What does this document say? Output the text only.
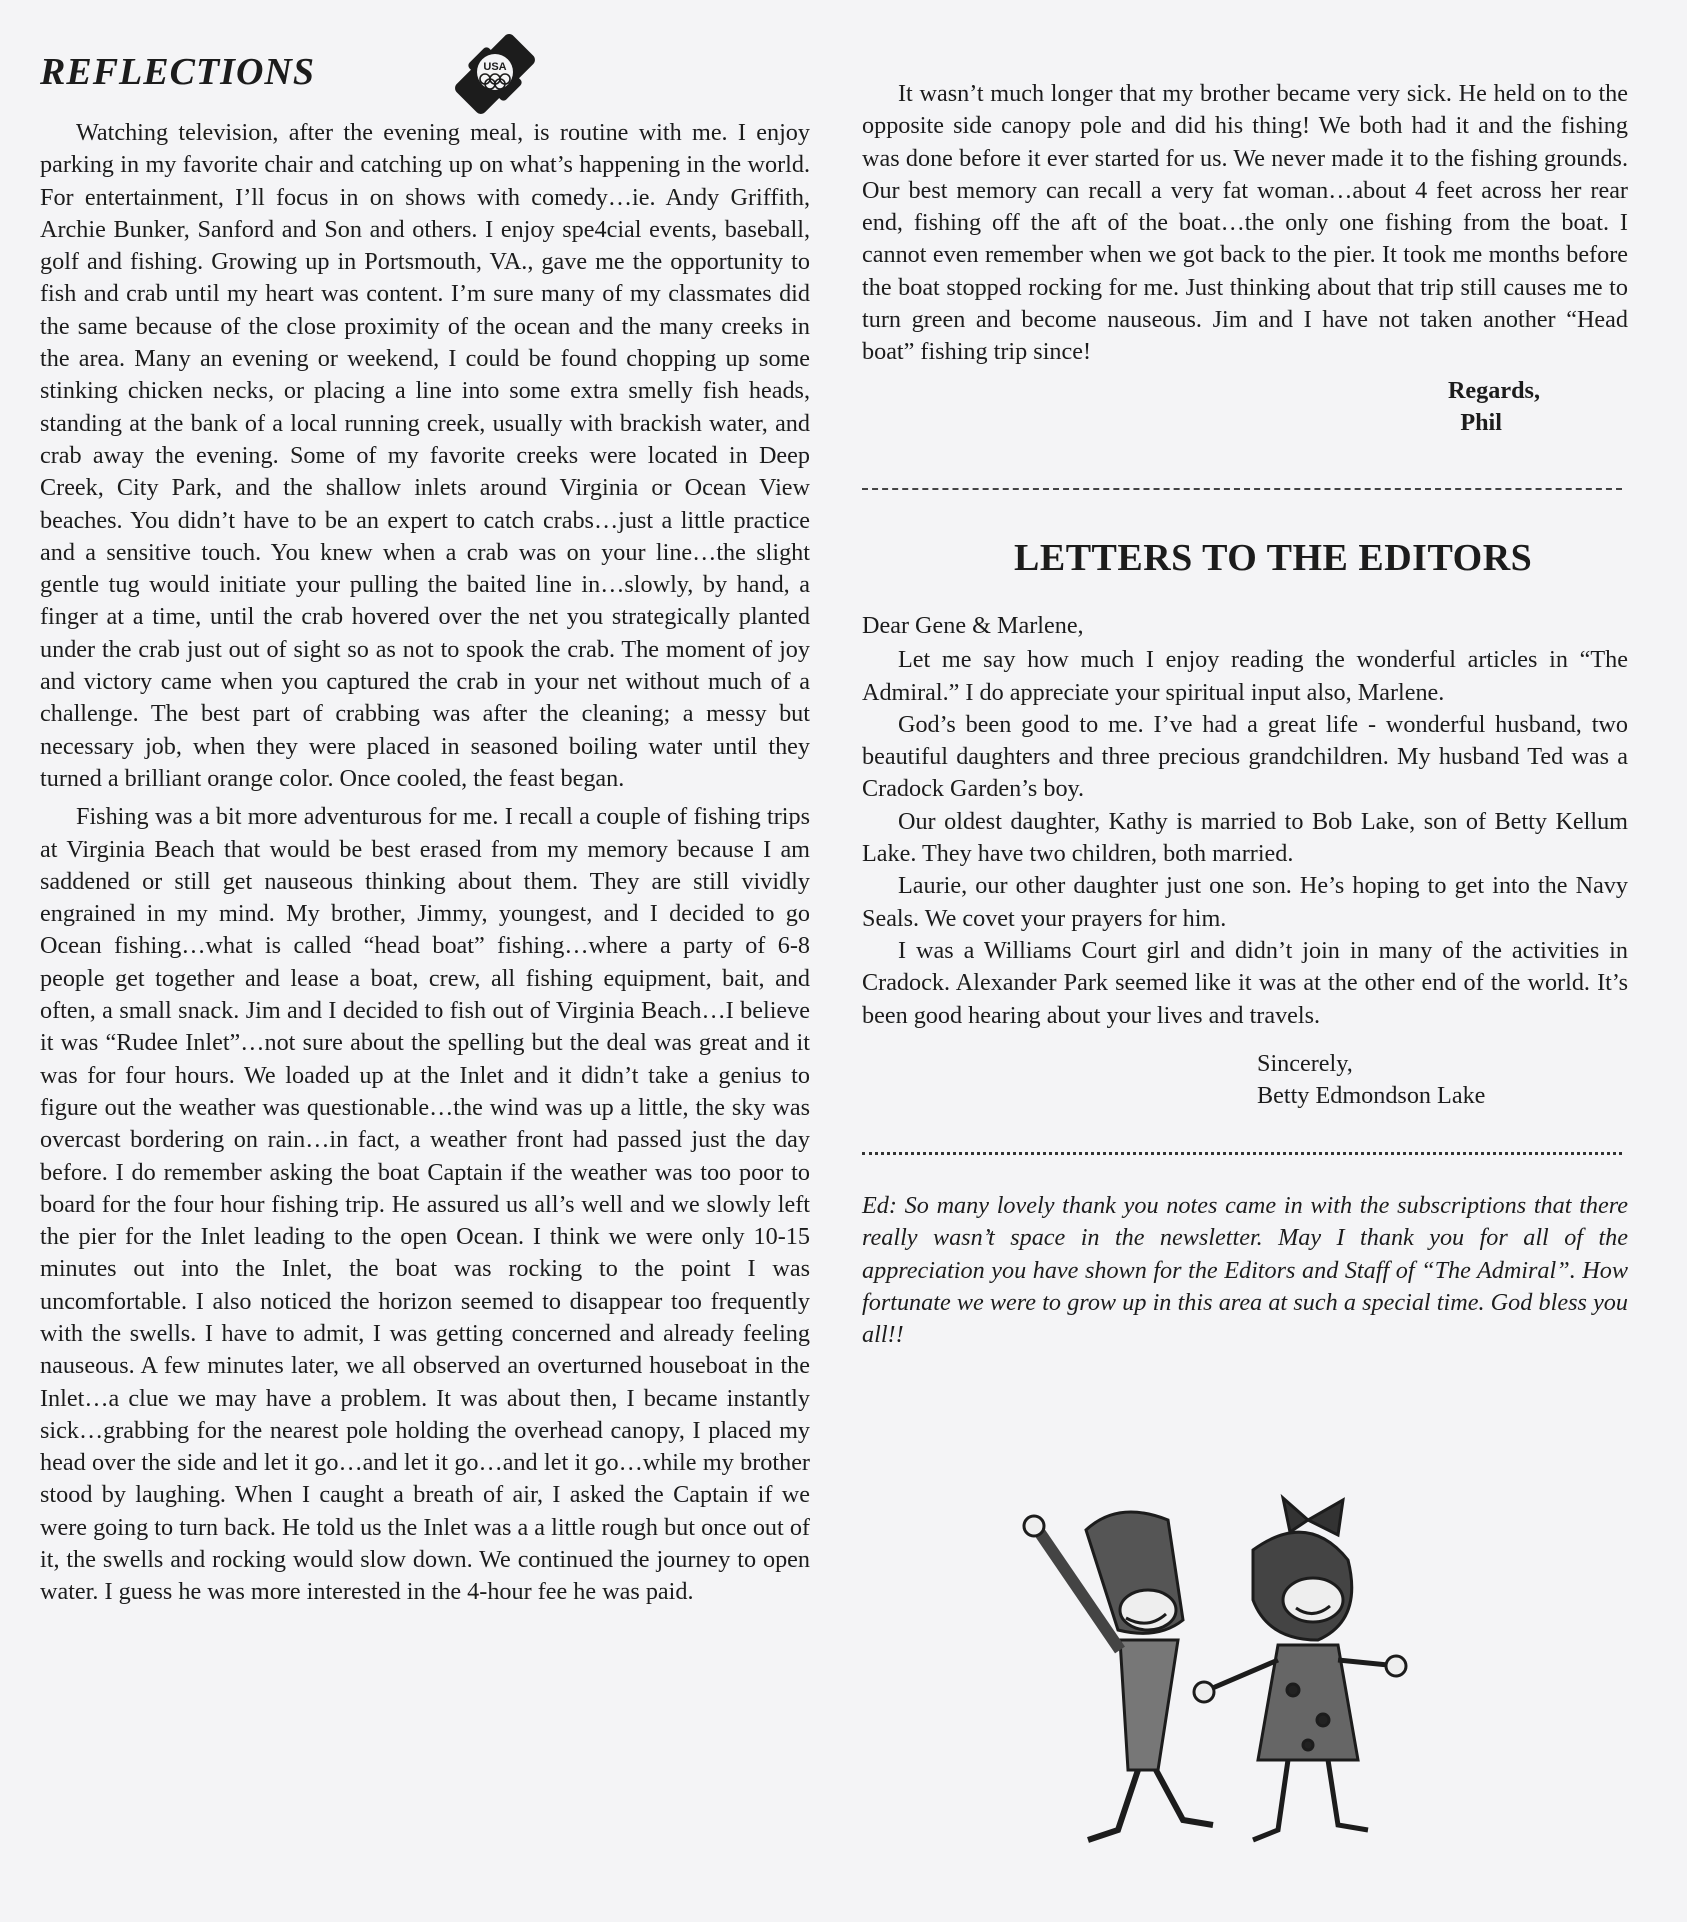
REFLECTIONS	USA

Watching television, after the evening meal, is routine with me. I enjoy parking in my favorite chair and catching up on what’s happening in the world. For entertainment, I’ll focus in on shows with comedy…ie. Andy Griffith, Archie Bunker, Sanford and Son and others. I enjoy spe4cial events, baseball, golf and fishing. Growing up in Portsmouth, VA., gave me the opportunity to fish and crab until my heart was content. I’m sure many of my classmates did the same because of the close proximity of the ocean and the many creeks in the area. Many an evening or weekend, I could be found chopping up some stinking chicken necks, or placing a line into some extra smelly fish heads, standing at the bank of a local running creek, usually with brackish water, and crab away the evening. Some of my favorite creeks were located in Deep Creek, City Park, and the shallow inlets around Virginia or Ocean View beaches. You didn’t have to be an expert to catch crabs…just a little practice and a sensitive touch. You knew when a crab was on your line…the slight gentle tug would initiate your pulling the baited line in…slowly, by hand, a finger at a time, until the crab hovered over the net you strategically planted under the crab just out of sight so as not to spook the crab. The moment of joy and victory came when you captured the crab in your net without much of a challenge. The best part of crabbing was after the cleaning; a messy but necessary job, when they were placed in seasoned boiling water until they turned a brilliant orange color. Once cooled, the feast began.

Fishing was a bit more adventurous for me. I recall a couple of fishing trips at Virginia Beach that would be best erased from my memory because I am saddened or still get nauseous thinking about them. They are still vividly engrained in my mind. My brother, Jimmy, youngest, and I decided to go Ocean fishing…what is called “head boat” fishing…where a party of 6-8 people get together and lease a boat, crew, all fishing equipment, bait, and often, a small snack. Jim and I decided to fish out of Virginia Beach…I believe it was “Rudee Inlet”…not sure about the spelling but the deal was great and it was for four hours. We loaded up at the Inlet and it didn’t take a genius to figure out the weather was questionable…the wind was up a little, the sky was overcast bordering on rain…in fact, a weather front had passed just the day before. I do remember asking the boat Captain if the weather was too poor to board for the four hour fishing trip. He assured us all’s well and we slowly left the pier for the Inlet leading to the open Ocean. I think we were only 10-15 minutes out into the Inlet, the boat was rocking to the point I was uncomfortable. I also noticed the horizon seemed to disappear too frequently with the swells. I have to admit, I was getting concerned and already feeling nauseous. A few minutes later, we all observed an overturned houseboat in the Inlet…a clue we may have a problem. It was about then, I became instantly sick…grabbing for the nearest pole holding the overhead canopy, I placed my head over the side and let it go…and let it go…and let it go…while my brother stood by laughing. When I caught a breath of air, I asked the Captain if we were going to turn back. He told us the Inlet was a a little rough but once out of it, the swells and rocking would slow down. We continued the journey to open water. I guess he was more interested in the 4-hour fee he was paid.

It wasn’t much longer that my brother became very sick. He held on to the opposite side canopy pole and did his thing! We both had it and the fishing was done before it ever started for us. We never made it to the fishing grounds. Our best memory can recall a very fat woman…about 4 feet across her rear end, fishing off the aft of the boat…the only one fishing from the boat. I cannot even remember when we got back to the pier. It took me months before the boat stopped rocking for me. Just thinking about that trip still causes me to turn green and become nauseous. Jim and I have not taken another “Head boat” fishing trip since!

Regards,
Phil
LETTERS TO THE EDITORS

Dear Gene & Marlene,

Let me say how much I enjoy reading the wonderful articles in “The Admiral.” I do appreciate your spiritual input also, Marlene.

God’s been good to me. I’ve had a great life - wonderful husband, two beautiful daughters and three precious grandchildren. My husband Ted was a Cradock Garden’s boy.

Our oldest daughter, Kathy is married to Bob Lake, son of Betty Kellum Lake. They have two children, both married.

Laurie, our other daughter just one son. He’s hoping to get into the Navy Seals. We covet your prayers for him.

I was a Williams Court girl and didn’t join in many of the activities in Cradock. Alexander Park seemed like it was at the other end of the world. It’s been good hearing about your lives and travels.

Sincerely,

Betty Edmondson Lake

Ed: So many lovely thank you notes came in with the subscriptions that there really wasn’t space in the newsletter. May I thank you for all of the appreciation you have shown for the Editors and Staff of “The Admiral”. How fortunate we were to grow up in this area at such a special time. God bless you all!!
